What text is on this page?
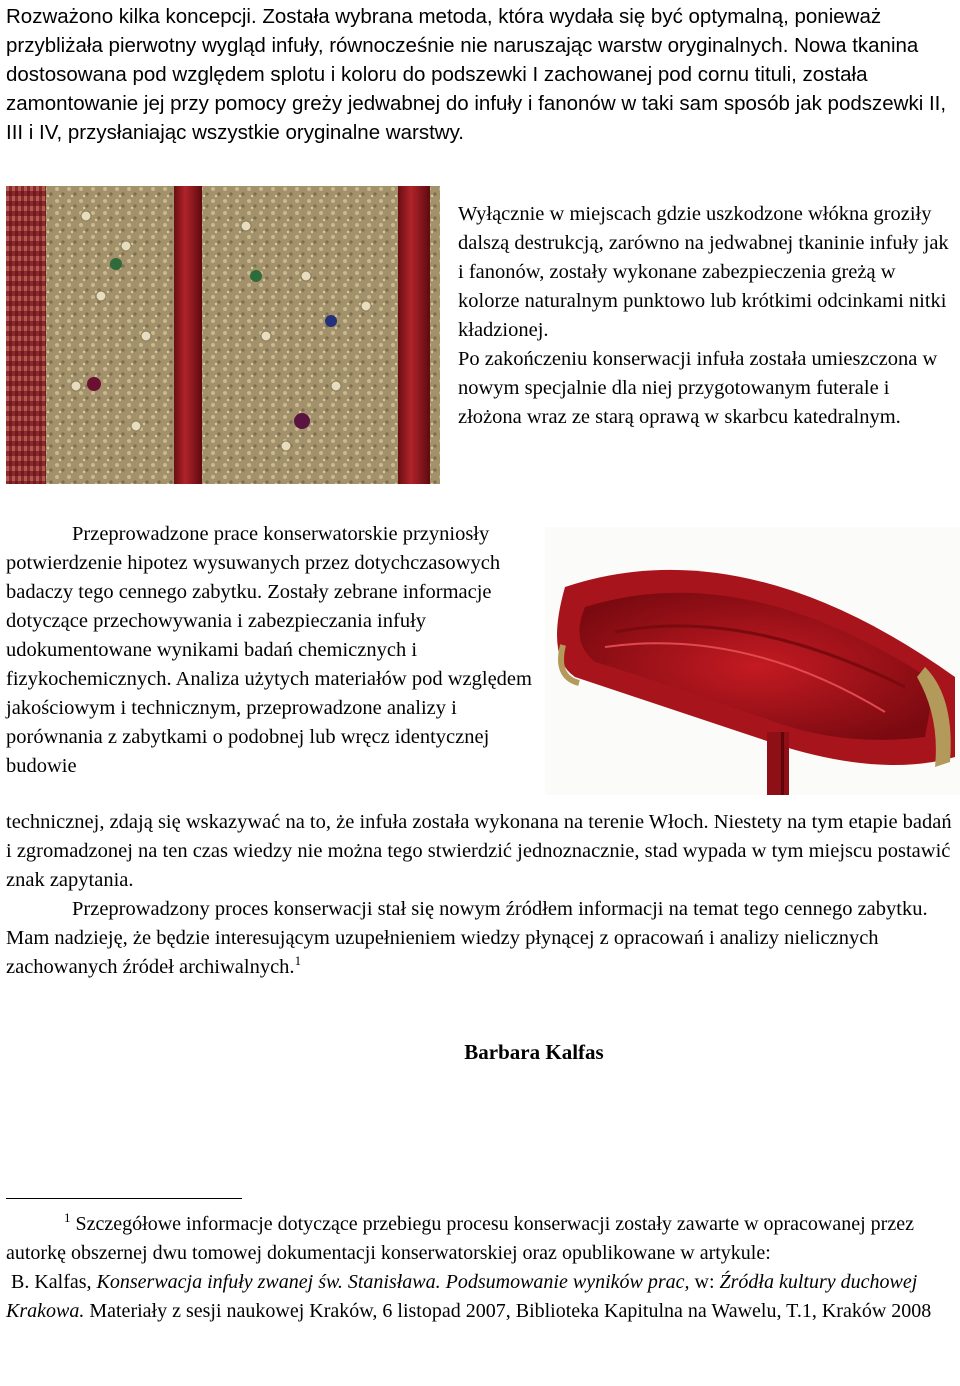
Rozważono kilka koncepcji. Została wybrana metoda, która wydała się być optymalną, ponieważ przybliżała pierwotny wygląd infuły, równocześnie nie naruszając warstw oryginalnych. Nowa tkanina dostosowana pod względem splotu i koloru do podszewki I zachowanej pod cornu tituli, została zamontowanie jej przy pomocy greży jedwabnej do infuły i fanonów w taki sam sposób jak podszewki II, III i IV, przysłaniając wszystkie oryginalne warstwy.
Wyłącznie w miejscach gdzie uszkodzone włókna groziły dalszą destrukcją, zarówno na jedwabnej tkaninie infuły jak i fanonów, zostały wykonane zabezpieczenia greżą w kolorze naturalnym punktowo lub krótkimi odcinkami nitki kładzionej.
Po zakończeniu konserwacji infuła została umieszczona w nowym specjalnie dla niej przygotowanym futerale i złożona wraz ze starą oprawą w skarbcu katedralnym.
Przeprowadzone prace konserwatorskie przyniosły potwierdzenie hipotez wysuwanych przez dotychczasowych badaczy tego cennego zabytku. Zostały zebrane informacje dotyczące przechowywania i zabezpieczania infuły udokumentowane wynikami badań chemicznych i fizykochemicznych. Analiza użytych materiałów pod względem jakościowym i technicznym, przeprowadzone analizy i porównania z zabytkami o podobnej lub wręcz identycznej budowie
technicznej, zdają się wskazywać na to, że infuła została wykonana na terenie Włoch. Niestety na tym etapie badań i zgromadzonej na ten czas wiedzy nie można tego stwierdzić jednoznacznie, stad wypada w tym miejscu postawić znak zapytania.
Przeprowadzony proces konserwacji stał się nowym źródłem informacji na temat tego cennego zabytku. Mam nadzieję, że będzie interesującym uzupełnieniem wiedzy płynącej z opracowań i analizy nielicznych zachowanych źródeł archiwalnych.$^1$
Barbara Kalfas
$^1$ Szczegółowe informacje dotyczące przebiegu procesu konserwacji zostały zawarte w opracowanej przez autorkę obszernej dwu tomowej dokumentacji konserwatorskiej oraz opublikowane w artykule:
B. Kalfas, Konserwacja infuły zwanej św. Stanisława. Podsumowanie wyników prac, w: Źródła kultury duchowej Krakowa. Materiały z sesji naukowej Kraków, 6 listopad 2007, Biblioteka Kapitulna na Wawelu, T.1, Kraków 2008
